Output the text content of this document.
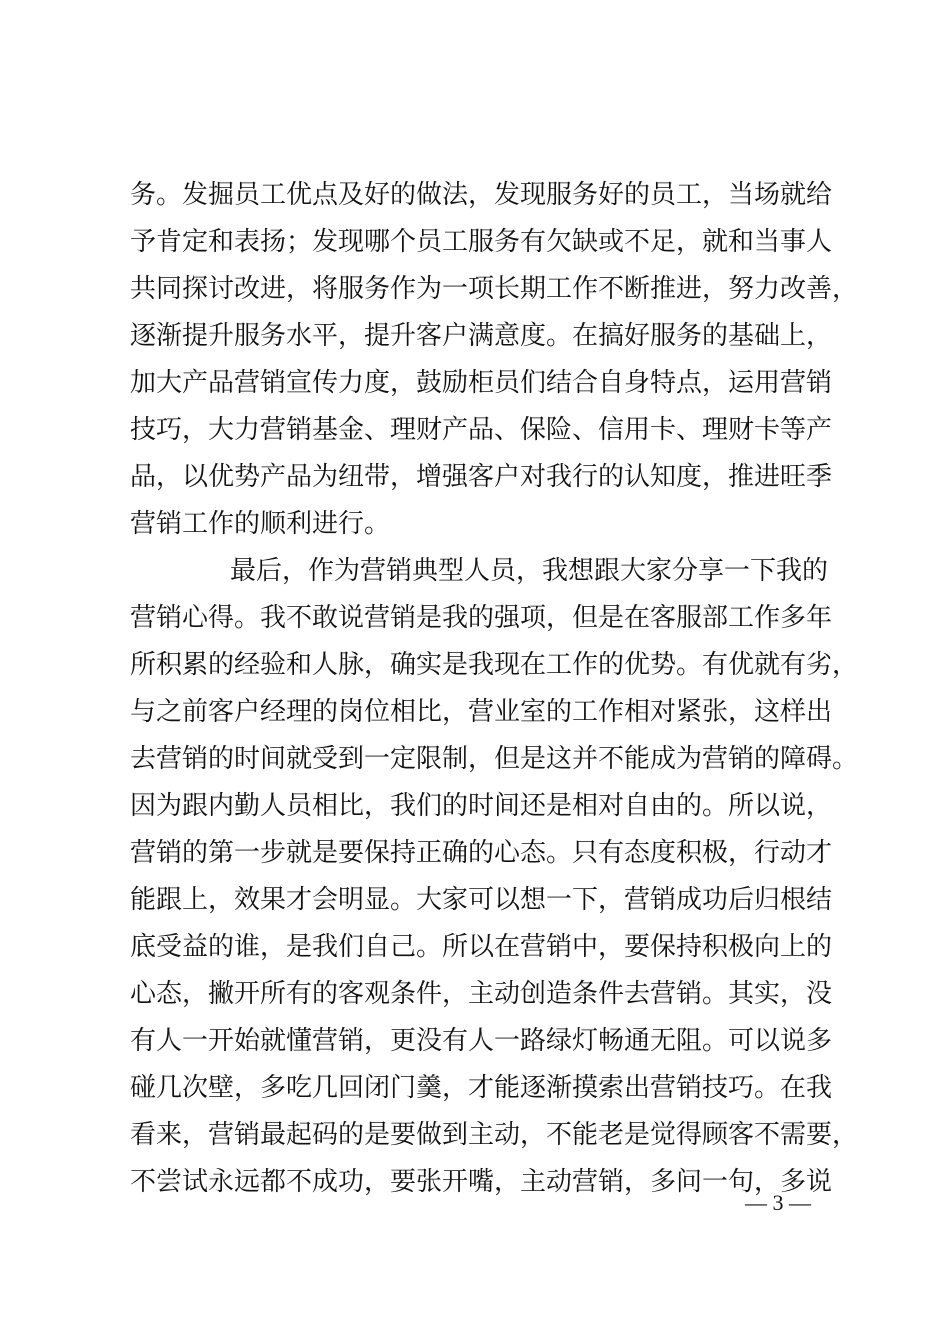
务。发掘员工优点及好的做法，发现服务好的员工，当场就给
予肯定和表扬；发现哪个员工服务有欠缺或不足，就和当事人
共同探讨改进，将服务作为一项长期工作不断推进，努力改善，
逐渐提升服务水平，提升客户满意度。在搞好服务的基础上，
加大产品营销宣传力度，鼓励柜员们结合自身特点，运用营销
技巧，大力营销基金、理财产品、保险、信用卡、理财卡等产
品，以优势产品为纽带，增强客户对我行的认知度，推进旺季
营销工作的顺利进行。
最后，作为营销典型人员，我想跟大家分享一下我的
营销心得。我不敢说营销是我的强项，但是在客服部工作多年
所积累的经验和人脉，确实是我现在工作的优势。有优就有劣，
与之前客户经理的岗位相比，营业室的工作相对紧张，这样出
去营销的时间就受到一定限制，但是这并不能成为营销的障碍。
因为跟内勤人员相比，我们的时间还是相对自由的。所以说，
营销的第一步就是要保持正确的心态。只有态度积极，行动才
能跟上，效果才会明显。大家可以想一下，营销成功后归根结
底受益的谁，是我们自己。所以在营销中，要保持积极向上的
心态，撇开所有的客观条件，主动创造条件去营销。其实，没
有人一开始就懂营销，更没有人一路绿灯畅通无阻。可以说多
碰几次壁，多吃几回闭门羹，才能逐渐摸索出营销技巧。在我
看来，营销最起码的是要做到主动，不能老是觉得顾客不需要，
不尝试永远都不成功，要张开嘴，主动营销，多问一句，多说
— 3 —
